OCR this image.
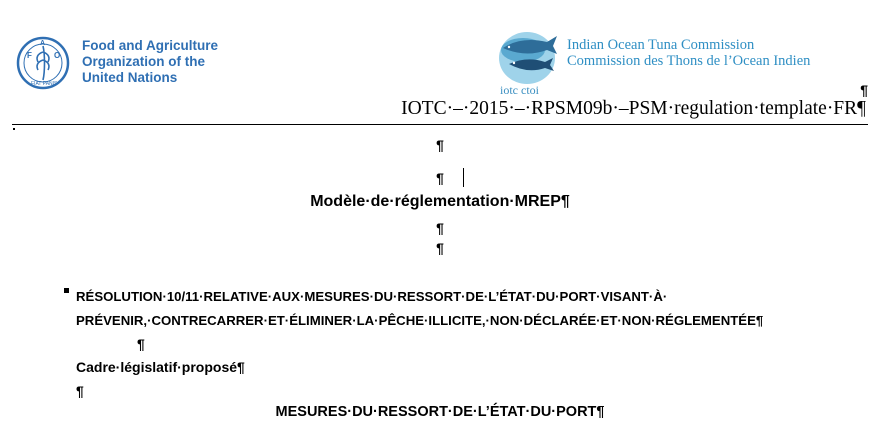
F	O
A
FIAT PANIS
Food and Agriculture
Organization of the
United Nations
iotc ctoi
Indian Ocean Tuna Commission
Commission des Thons de l’Ocean Indien
¶
IOTC·–·2015·–·RPSM09b·–PSM·regulation·template·FR¶
¶
¶
Modèle·de·réglementation·MREP¶
¶
¶
RÉSOLUTION·10/11·RELATIVE·AUX·MESURES·DU·RESSORT·DE·L’ÉTAT·DU·PORT·VISANT·À·
PRÉVENIR,·CONTRECARRER·ET·ÉLIMINER·LA·PÊCHE·ILLICITE,·NON·DÉCLARÉE·ET·NON·RÉGLEMENTÉE¶
¶
Cadre·législatif·proposé¶
¶
MESURES·DU·RESSORT·DE·L’ÉTAT·DU·PORT¶
